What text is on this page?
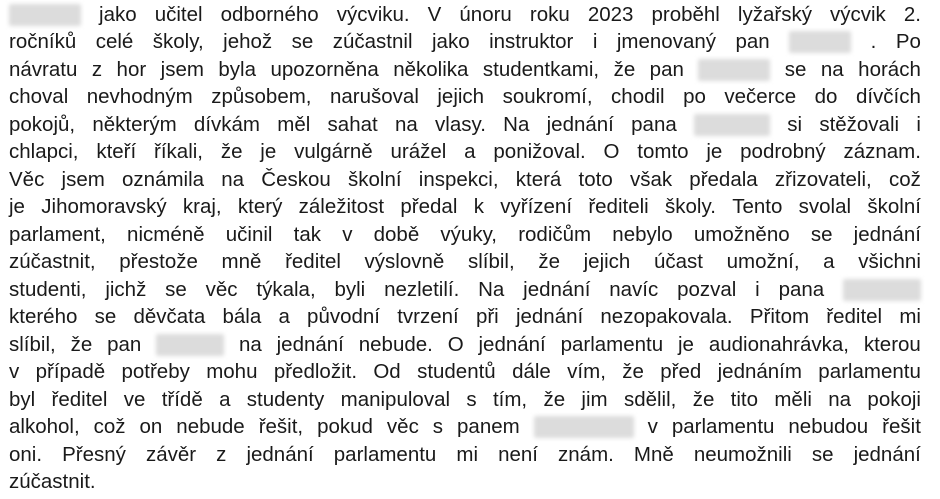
jako učitel odborného výcviku. V únoru roku 2023 proběhl lyžařský výcvik 2.
ročníků celé školy, jehož se zúčastnil jako instruktor i jmenovaný pan	. Po
návratu z hor jsem byla upozorněna několika studentkami, že pan	se na horách
choval nevhodným způsobem, narušoval jejich soukromí, chodil po večerce do dívčích
pokojů, některým dívkám měl sahat na vlasy. Na jednání pana	si stěžovali i
chlapci, kteří říkali, že je vulgárně urážel a ponižoval. O tomto je podrobný záznam.
Věc jsem oznámila na Českou školní inspekci, která toto však předala zřizovateli, což
je Jihomoravský kraj, který záležitost předal k vyřízení řediteli školy. Tento svolal školní
parlament, nicméně učinil tak v době výuky, rodičům nebylo umožněno se jednání
zúčastnit, přestože mně ředitel výslovně slíbil, že jejich účast umožní, a všichni
studenti, jichž se věc týkala, byli nezletilí. Na jednání navíc pozval i pana
kterého se děvčata bála a původní tvrzení při jednání nezopakovala. Přitom ředitel mi
slíbil, že pan	na jednání nebude. O jednání parlamentu je audionahrávka, kterou
v případě potřeby mohu předložit. Od studentů dále vím, že před jednáním parlamentu
byl ředitel ve třídě a studenty manipuloval s tím, že jim sdělil, že tito měli na pokoji
alkohol, což on nebude řešit, pokud věc s panem	v parlamentu nebudou řešit
oni. Přesný závěr z jednání parlamentu mi není znám. Mně neumožnili se jednání
zúčastnit.
